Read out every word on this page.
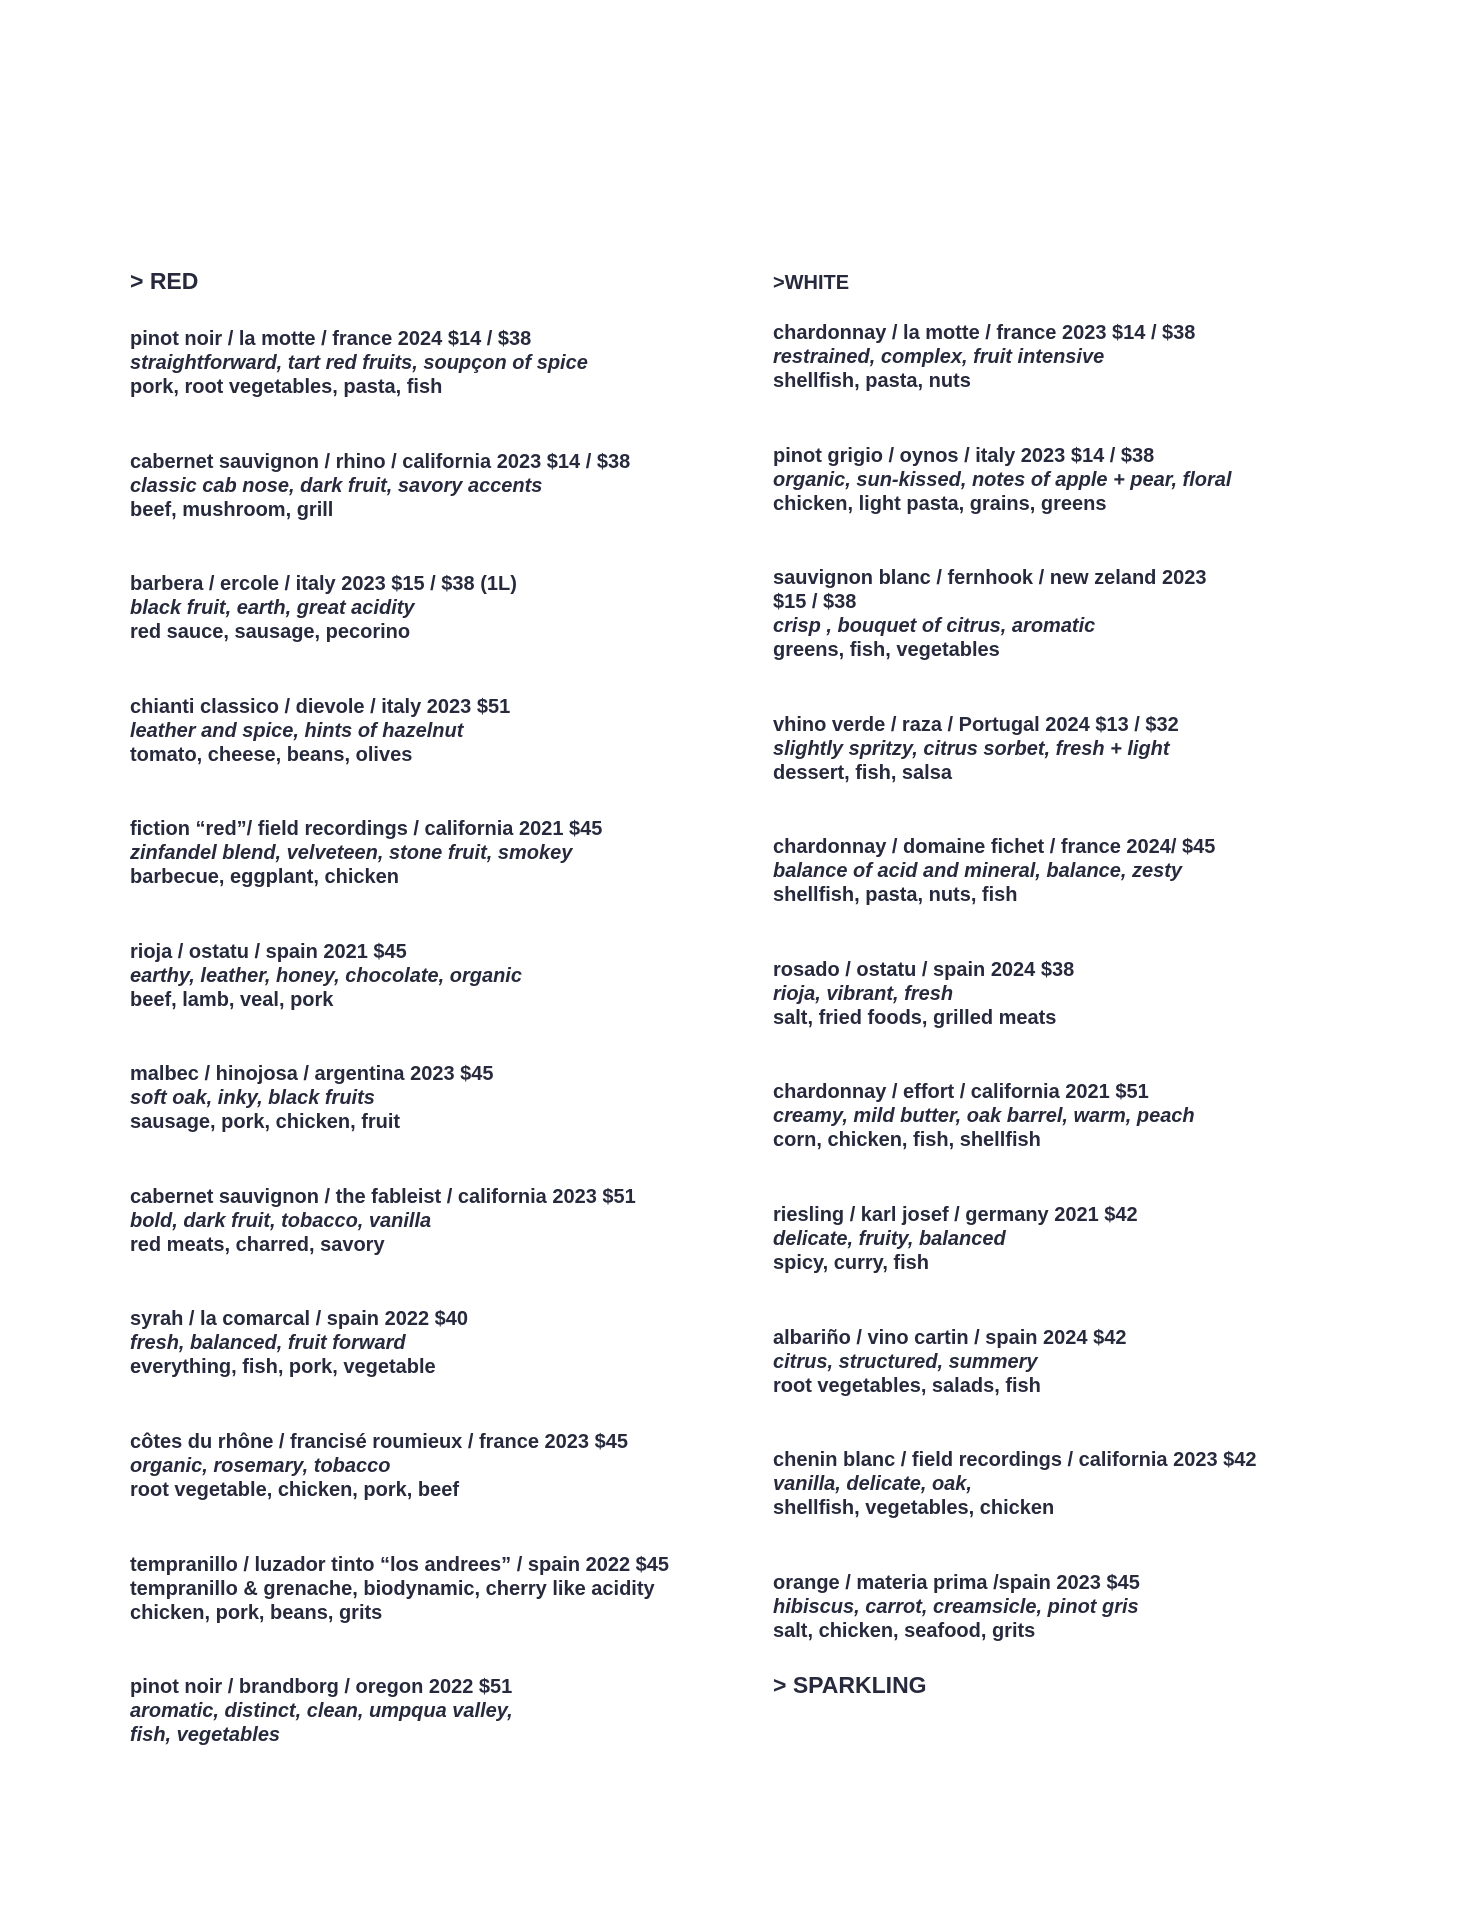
> RED
pinot noir / la motte / france 2024 $14 / $38
straightforward, tart red fruits, soupçon of spice
pork, root vegetables, pasta, fish
cabernet sauvignon / rhino / california 2023 $14 / $38
classic cab nose, dark fruit, savory accents
beef, mushroom, grill
barbera / ercole / italy 2023 $15 / $38 (1L)
black fruit, earth, great acidity
red sauce, sausage, pecorino
chianti classico / dievole / italy 2023 $51
leather and spice, hints of hazelnut
tomato, cheese, beans, olives
fiction “red”/ field recordings / california 2021 $45
zinfandel blend, velveteen, stone fruit, smokey
barbecue, eggplant, chicken
rioja / ostatu / spain 2021 $45
earthy, leather, honey, chocolate, organic
beef, lamb, veal, pork
malbec / hinojosa / argentina 2023 $45
soft oak, inky, black fruits
sausage, pork, chicken, fruit
cabernet sauvignon / the fableist / california 2023 $51
bold, dark fruit, tobacco, vanilla
red meats, charred, savory
syrah / la comarcal / spain 2022 $40
fresh, balanced, fruit forward
everything, fish, pork, vegetable
côtes du rhône / francisé roumieux / france 2023 $45
organic, rosemary, tobacco
root vegetable, chicken, pork, beef
tempranillo / luzador tinto “los andrees” / spain 2022 $45
tempranillo & grenache, biodynamic, cherry like acidity
chicken, pork, beans, grits
pinot noir / brandborg / oregon 2022 $51
aromatic, distinct, clean, umpqua valley,
fish, vegetables
>WHITE
> SPARKLING
chardonnay / la motte / france 2023 $14 / $38
restrained, complex, fruit intensive
shellfish, pasta, nuts
pinot grigio / oynos / italy 2023 $14 / $38
organic, sun-kissed, notes of apple + pear, floral
chicken, light pasta, grains, greens
sauvignon blanc / fernhook / new zeland 2023
$15 / $38
crisp , bouquet of citrus, aromatic
greens, fish, vegetables
vhino verde / raza / Portugal 2024 $13 / $32
slightly spritzy, citrus sorbet, fresh + light
dessert, fish, salsa
chardonnay / domaine fichet / france 2024/ $45
balance of acid and mineral, balance, zesty
shellfish, pasta, nuts, fish
rosado / ostatu / spain 2024 $38
rioja, vibrant, fresh
salt, fried foods, grilled meats
chardonnay / effort / california 2021 $51
creamy, mild butter, oak barrel, warm, peach
corn, chicken, fish, shellfish
riesling / karl josef / germany 2021 $42
delicate, fruity, balanced
spicy, curry, fish
albariño / vino cartin / spain 2024 $42
citrus, structured, summery
root vegetables, salads, fish
chenin blanc / field recordings / california 2023 $42
vanilla, delicate, oak,
shellfish, vegetables, chicken
orange / materia prima /spain 2023 $45
hibiscus, carrot, creamsicle, pinot gris
salt, chicken, seafood, grits
